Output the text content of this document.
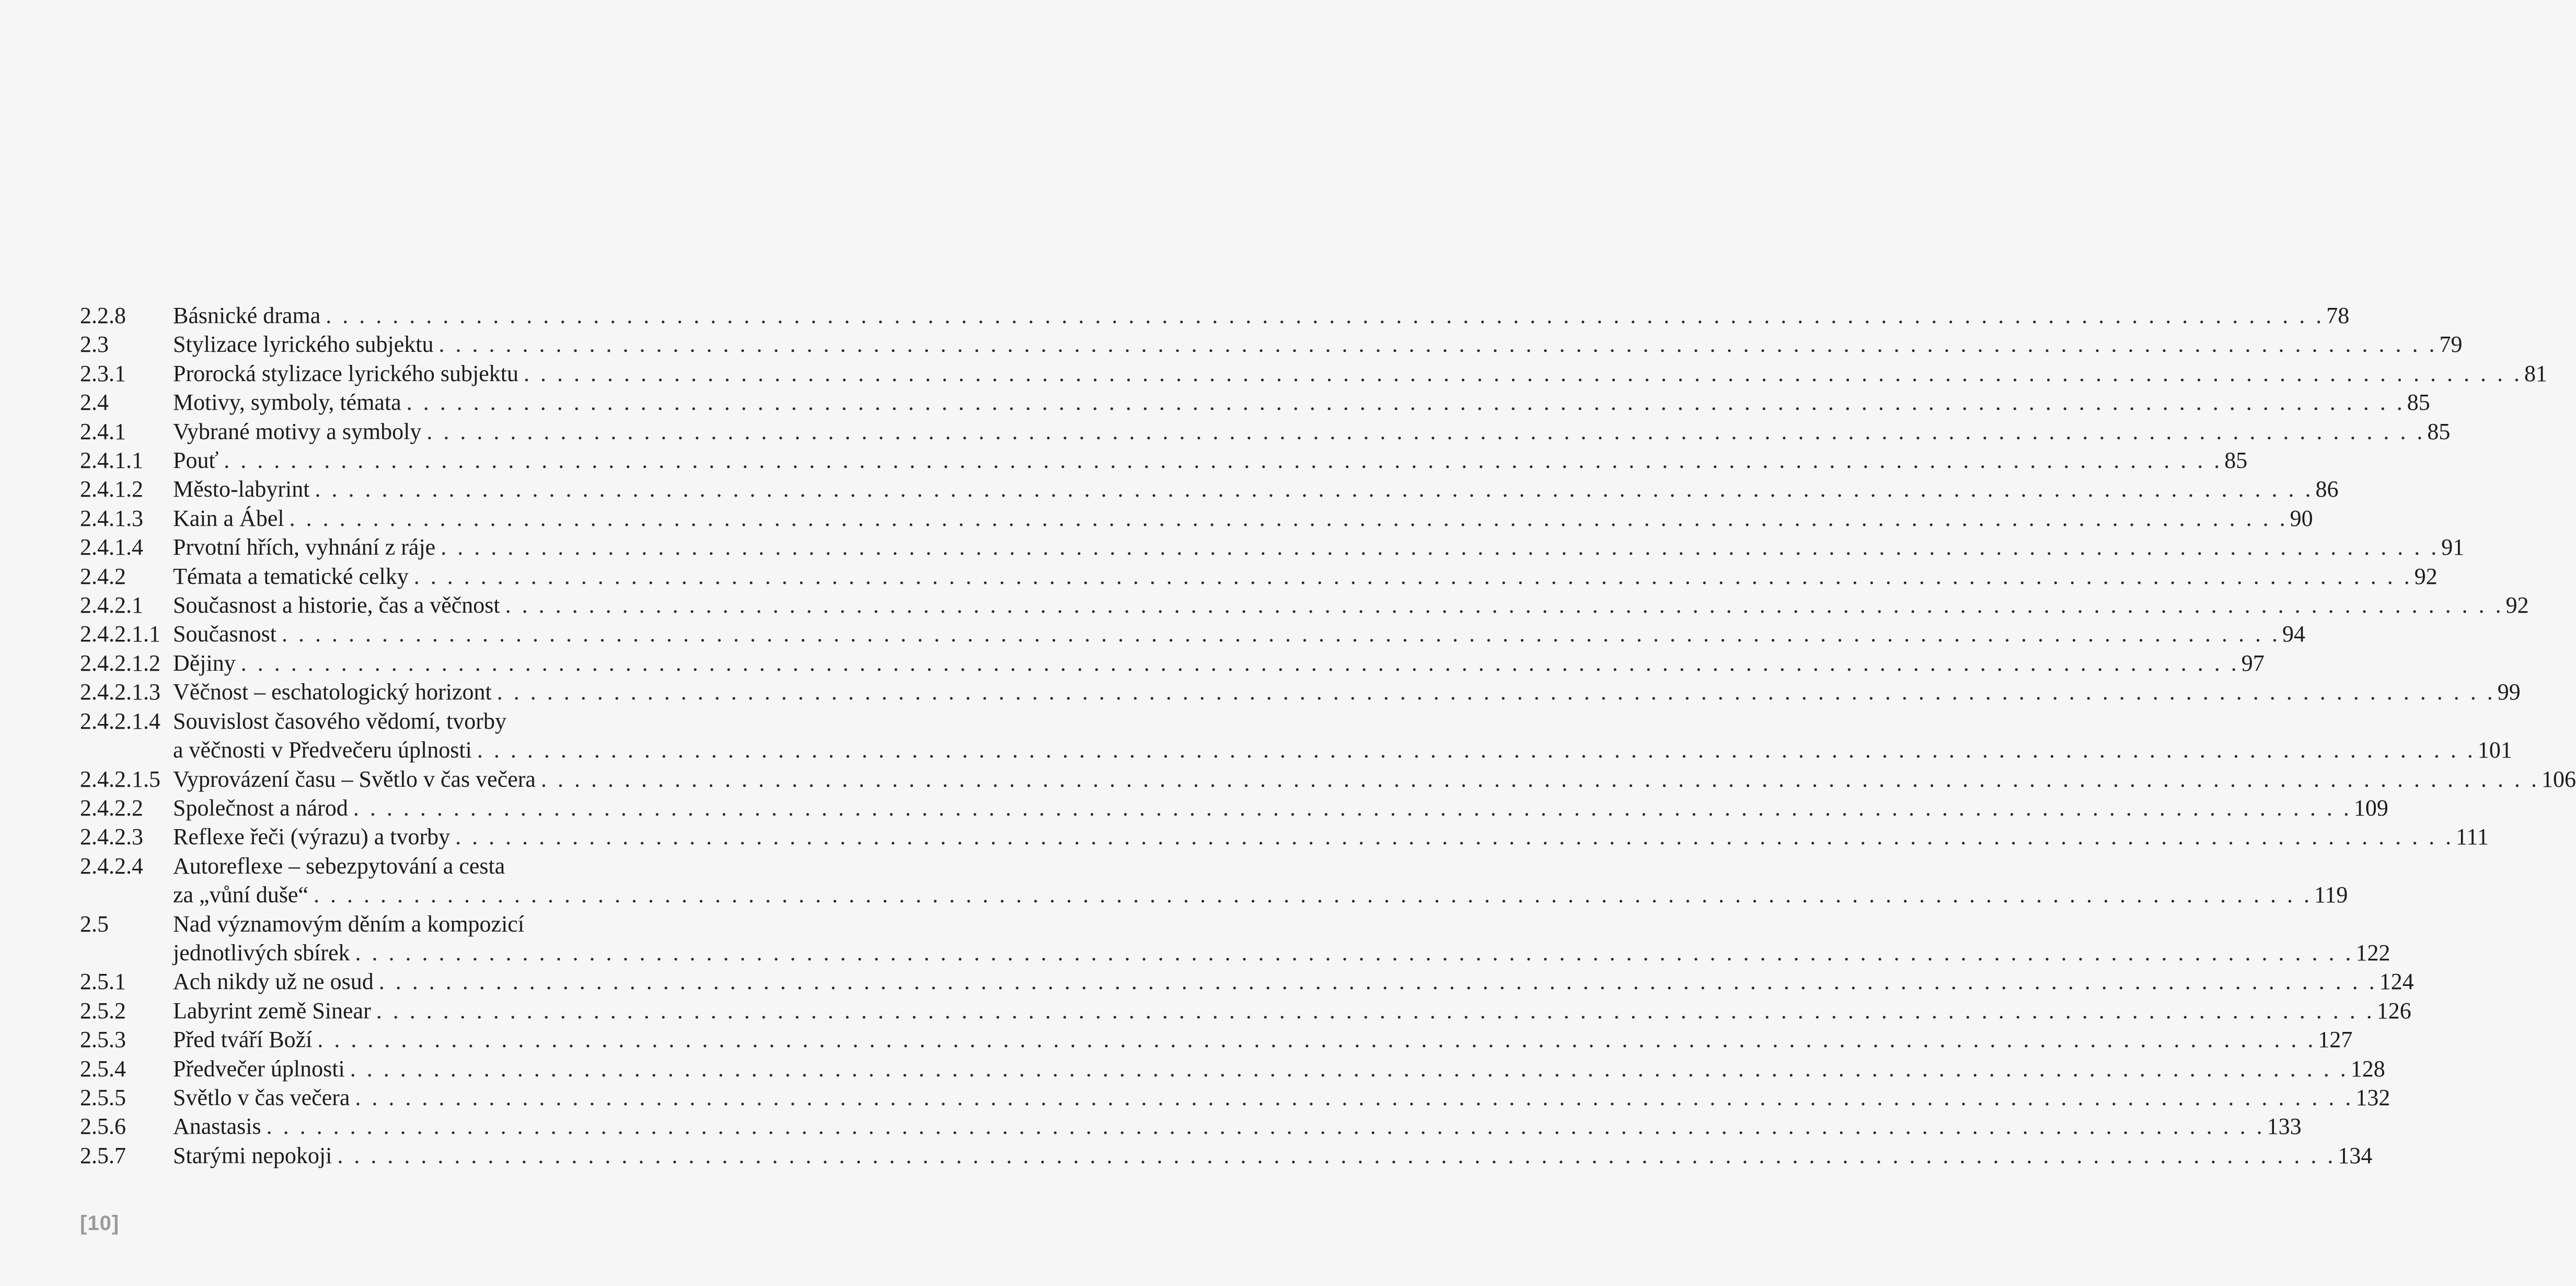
2.2.8	Básnické drama . . . . . . . . . . . . . . . . . . . . . . . . . . . . . . . . . . . . . . . . . . . . . . . . . . . . . . . . . . . . . . . . . . . . . . . . . . . . . . . . . . . . . . . . . . . . . . . . . . . . . . . . . . . . . . . . . . . . . . . . 78
2.3	Stylizace lyrického subjektu . . . . . . . . . . . . . . . . . . . . . . . . . . . . . . . . . . . . . . . . . . . . . . . . . . . . . . . . . . . . . . . . . . . . . . . . . . . . . . . . . . . . . . . . . . . . . . . . . . . . . . . . . . . . . . . . . . . . . . . . 79
2.3.1	Prorocká stylizace lyrického subjektu . . . . . . . . . . . . . . . . . . . . . . . . . . . . . . . . . . . . . . . . . . . . . . . . . . . . . . . . . . . . . . . . . . . . . . . . . . . . . . . . . . . . . . . . . . . . . . . . . . . . . . . . . . . . . . . . . . . . . . . . 81
2.4	Motivy, symboly, témata . . . . . . . . . . . . . . . . . . . . . . . . . . . . . . . . . . . . . . . . . . . . . . . . . . . . . . . . . . . . . . . . . . . . . . . . . . . . . . . . . . . . . . . . . . . . . . . . . . . . . . . . . . . . . . . . . . . . . . . . 85
2.4.1	Vybrané motivy a symboly . . . . . . . . . . . . . . . . . . . . . . . . . . . . . . . . . . . . . . . . . . . . . . . . . . . . . . . . . . . . . . . . . . . . . . . . . . . . . . . . . . . . . . . . . . . . . . . . . . . . . . . . . . . . . . . . . . . . . . . . 85
2.4.1.1	Pouť . . . . . . . . . . . . . . . . . . . . . . . . . . . . . . . . . . . . . . . . . . . . . . . . . . . . . . . . . . . . . . . . . . . . . . . . . . . . . . . . . . . . . . . . . . . . . . . . . . . . . . . . . . . . . . . . . . . . . . . . 85
2.4.1.2	Město-labyrint . . . . . . . . . . . . . . . . . . . . . . . . . . . . . . . . . . . . . . . . . . . . . . . . . . . . . . . . . . . . . . . . . . . . . . . . . . . . . . . . . . . . . . . . . . . . . . . . . . . . . . . . . . . . . . . . . . . . . . . . 86
2.4.1.3	Kain a Ábel . . . . . . . . . . . . . . . . . . . . . . . . . . . . . . . . . . . . . . . . . . . . . . . . . . . . . . . . . . . . . . . . . . . . . . . . . . . . . . . . . . . . . . . . . . . . . . . . . . . . . . . . . . . . . . . . . . . . . . . . 90
2.4.1.4	Prvotní hřích, vyhnání z ráje . . . . . . . . . . . . . . . . . . . . . . . . . . . . . . . . . . . . . . . . . . . . . . . . . . . . . . . . . . . . . . . . . . . . . . . . . . . . . . . . . . . . . . . . . . . . . . . . . . . . . . . . . . . . . . . . . . . . . . . . 91
2.4.2	Témata a tematické celky . . . . . . . . . . . . . . . . . . . . . . . . . . . . . . . . . . . . . . . . . . . . . . . . . . . . . . . . . . . . . . . . . . . . . . . . . . . . . . . . . . . . . . . . . . . . . . . . . . . . . . . . . . . . . . . . . . . . . . . . 92
2.4.2.1	Současnost a historie, čas a věčnost . . . . . . . . . . . . . . . . . . . . . . . . . . . . . . . . . . . . . . . . . . . . . . . . . . . . . . . . . . . . . . . . . . . . . . . . . . . . . . . . . . . . . . . . . . . . . . . . . . . . . . . . . . . . . . . . . . . . . . . . 92
2.4.2.1.1 Současnost . . . . . . . . . . . . . . . . . . . . . . . . . . . . . . . . . . . . . . . . . . . . . . . . . . . . . . . . . . . . . . . . . . . . . . . . . . . . . . . . . . . . . . . . . . . . . . . . . . . . . . . . . . . . . . . . . . . . . . . . 94
2.4.2.1.2 Dějiny . . . . . . . . . . . . . . . . . . . . . . . . . . . . . . . . . . . . . . . . . . . . . . . . . . . . . . . . . . . . . . . . . . . . . . . . . . . . . . . . . . . . . . . . . . . . . . . . . . . . . . . . . . . . . . . . . . . . . . . . 97
2.4.2.1.3 Věčnost – eschatologický horizont . . . . . . . . . . . . . . . . . . . . . . . . . . . . . . . . . . . . . . . . . . . . . . . . . . . . . . . . . . . . . . . . . . . . . . . . . . . . . . . . . . . . . . . . . . . . . . . . . . . . . . . . . . . . . . . . . . . . . . . . 99
2.4.2.1.4 Souvislost časového vědomí, tvorby
a věčnosti v Předvečeru úplnosti . . . . . . . . . . . . . . . . . . . . . . . . . . . . . . . . . . . . . . . . . . . . . . . . . . . . . . . . . . . . . . . . . . . . . . . . . . . . . . . . . . . . . . . . . . . . . . . . . . . . . . . . . . . . . . . . . . . . . . . . 101
2.4.2.1.5 Vyprovázení času – Světlo v čas večera . . . . . . . . . . . . . . . . . . . . . . . . . . . . . . . . . . . . . . . . . . . . . . . . . . . . . . . . . . . . . . . . . . . . . . . . . . . . . . . . . . . . . . . . . . . . . . . . . . . . . . . . . . . . . . . . . . . . . . . . 106
2.4.2.2	Společnost a národ . . . . . . . . . . . . . . . . . . . . . . . . . . . . . . . . . . . . . . . . . . . . . . . . . . . . . . . . . . . . . . . . . . . . . . . . . . . . . . . . . . . . . . . . . . . . . . . . . . . . . . . . . . . . . . . . . . . . . . . . 109
2.4.2.3	Reflexe řeči (výrazu) a tvorby . . . . . . . . . . . . . . . . . . . . . . . . . . . . . . . . . . . . . . . . . . . . . . . . . . . . . . . . . . . . . . . . . . . . . . . . . . . . . . . . . . . . . . . . . . . . . . . . . . . . . . . . . . . . . . . . . . . . . . . . 111
2.4.2.4	Autoreflexe – sebezpytování a cesta
za „vůní duše“ . . . . . . . . . . . . . . . . . . . . . . . . . . . . . . . . . . . . . . . . . . . . . . . . . . . . . . . . . . . . . . . . . . . . . . . . . . . . . . . . . . . . . . . . . . . . . . . . . . . . . . . . . . . . . . . . . . . . . . . . 119
2.5	Nad významovým děním a kompozicí
jednotlivých sbírek . . . . . . . . . . . . . . . . . . . . . . . . . . . . . . . . . . . . . . . . . . . . . . . . . . . . . . . . . . . . . . . . . . . . . . . . . . . . . . . . . . . . . . . . . . . . . . . . . . . . . . . . . . . . . . . . . . . . . . . . 122
2.5.1	Ach nikdy už ne osud . . . . . . . . . . . . . . . . . . . . . . . . . . . . . . . . . . . . . . . . . . . . . . . . . . . . . . . . . . . . . . . . . . . . . . . . . . . . . . . . . . . . . . . . . . . . . . . . . . . . . . . . . . . . . . . . . . . . . . . . 124
2.5.2	Labyrint země Sinear . . . . . . . . . . . . . . . . . . . . . . . . . . . . . . . . . . . . . . . . . . . . . . . . . . . . . . . . . . . . . . . . . . . . . . . . . . . . . . . . . . . . . . . . . . . . . . . . . . . . . . . . . . . . . . . . . . . . . . . . 126
2.5.3	Před tváří Boží . . . . . . . . . . . . . . . . . . . . . . . . . . . . . . . . . . . . . . . . . . . . . . . . . . . . . . . . . . . . . . . . . . . . . . . . . . . . . . . . . . . . . . . . . . . . . . . . . . . . . . . . . . . . . . . . . . . . . . . . 127
2.5.4	Předvečer úplnosti . . . . . . . . . . . . . . . . . . . . . . . . . . . . . . . . . . . . . . . . . . . . . . . . . . . . . . . . . . . . . . . . . . . . . . . . . . . . . . . . . . . . . . . . . . . . . . . . . . . . . . . . . . . . . . . . . . . . . . . . 128
2.5.5	Světlo v čas večera . . . . . . . . . . . . . . . . . . . . . . . . . . . . . . . . . . . . . . . . . . . . . . . . . . . . . . . . . . . . . . . . . . . . . . . . . . . . . . . . . . . . . . . . . . . . . . . . . . . . . . . . . . . . . . . . . . . . . . . . 132
2.5.6	Anastasis . . . . . . . . . . . . . . . . . . . . . . . . . . . . . . . . . . . . . . . . . . . . . . . . . . . . . . . . . . . . . . . . . . . . . . . . . . . . . . . . . . . . . . . . . . . . . . . . . . . . . . . . . . . . . . . . . . . . . . . . 133
2.5.7	Starými nepokoji . . . . . . . . . . . . . . . . . . . . . . . . . . . . . . . . . . . . . . . . . . . . . . . . . . . . . . . . . . . . . . . . . . . . . . . . . . . . . . . . . . . . . . . . . . . . . . . . . . . . . . . . . . . . . . . . . . . . . . . . 134
[10]
